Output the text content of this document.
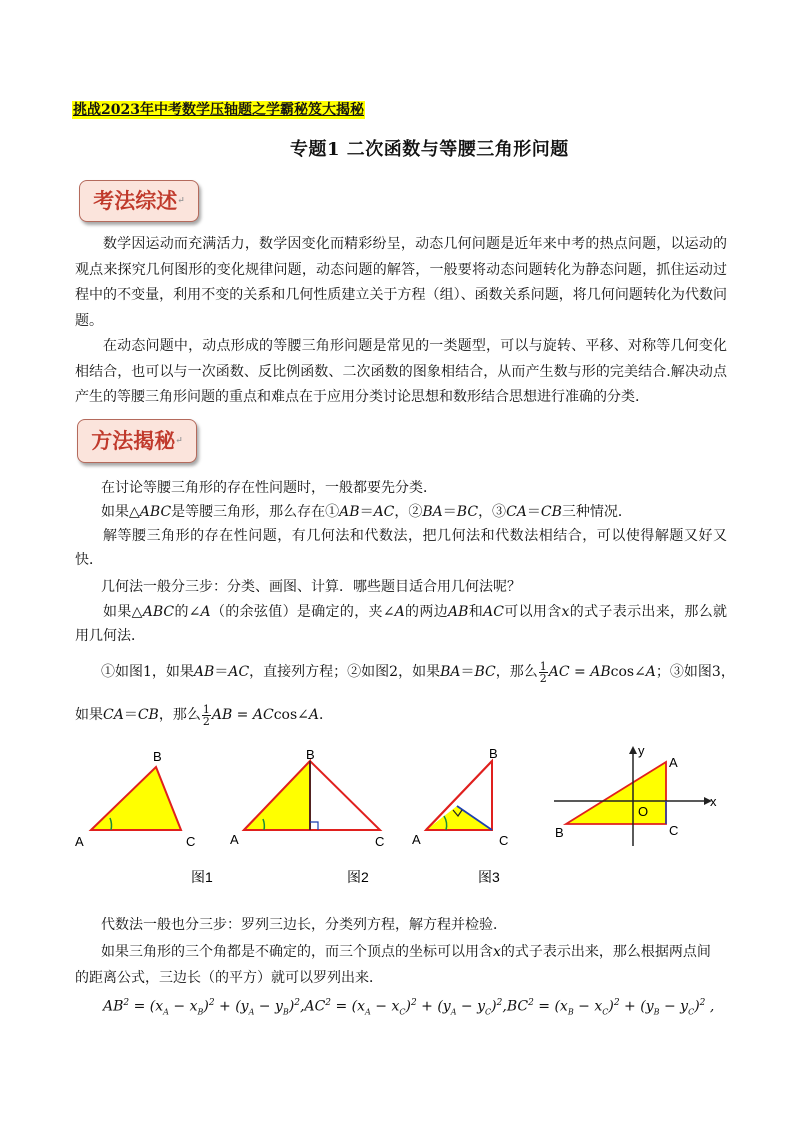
挑战2023年中考数学压轴题之学霸秘笈大揭秘
专题1 二次函数与等腰三角形问题
考法综述↵
数学因运动而充满活力，数学因变化而精彩纷呈，动态几何问题是近年来中考的热点问题，以运动的观点来探究几何图形的变化规律问题，动态问题的解答，一般要将动态问题转化为静态问题，抓住运动过程中的不变量，利用不变的关系和几何性质建立关于方程（组）、函数关系问题，将几何问题转化为代数问题。
在动态问题中，动点形成的等腰三角形问题是常见的一类题型，可以与旋转、平移、对称等几何变化相结合，也可以与一次函数、反比例函数、二次函数的图象相结合，从而产生数与形的完美结合.解决动点产生的等腰三角形问题的重点和难点在于应用分类讨论思想和数形结合思想进行准确的分类.
方法揭秘↵
在讨论等腰三角形的存在性问题时，一般都要先分类．
如果△ABC是等腰三角形，那么存在①AB＝AC，②BA＝BC，③CA＝CB三种情况．
解等腰三角形的存在性问题，有几何法和代数法，把几何法和代数法相结合，可以使得解题又好又快．
几何法一般分三步：分类、画图、计算．哪些题目适合用几何法呢？
如果△ABC的∠A（的余弦值）是确定的，夹∠A的两边AB和AC可以用含x的式子表示出来，那么就用几何法．
①如图1，如果AB＝AC，直接列方程；②如图2，如果BA＝BC，那么 $\frac{1}{2}$ AC = ABcos∠A；③如图3，
如果CA＝CB，那么 $\frac{1}{2}$ AB = ACcos∠A．
A
B
C
图1
A
B
C
图2
A
B
C
图3
y
x
O
A
B	C
代数法一般也分三步：罗列三边长，分类列方程，解方程并检验．
如果三角形的三个角都是不确定的，而三个顶点的坐标可以用含x的式子表示出来，那么根据两点间
的距离公式，三边长（的平方）就可以罗列出来．
$AB^2 = (x_A - x_B)^2 + (y_A - y_B)^2,AC^2 = (x_A - x_C)^2 + (y_A - y_C)^2,BC^2 = (x_B - x_C)^2 + (y_B - y_C)^2$ ,
